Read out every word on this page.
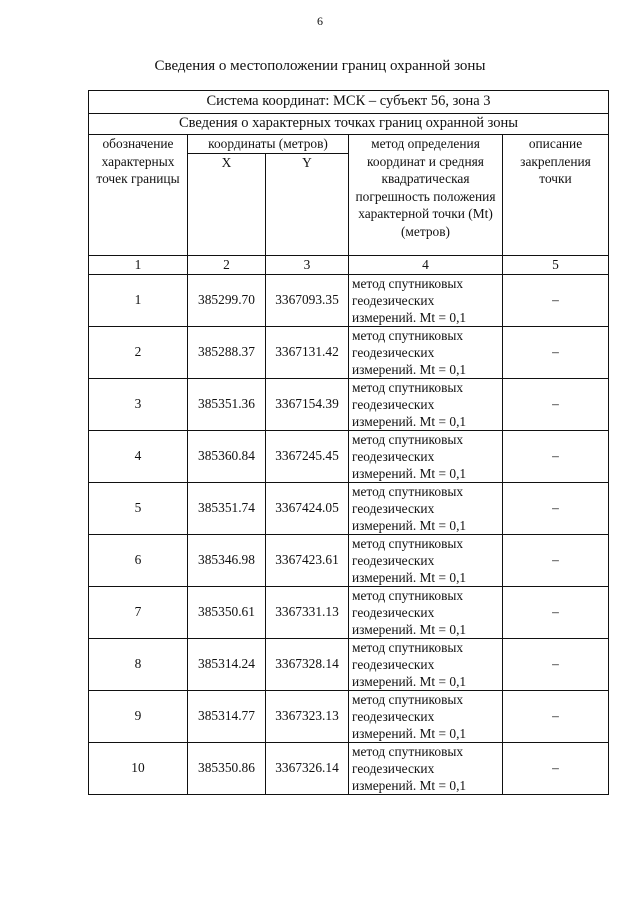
6
Сведения о местоположении границ охранной зоны
Система координат: МСК – субъект 56, зона 3				
Сведения о характерных точках границ охранной зоны				
обозначение характерных точек границы	координаты (метров)		метод определения координат и средняя квадратическая погрешность положения характерной точки (Mt) (метров)	описание закрепления точки
	X	Y		
1	2	3	4	5
1	385299.70	3367093.35	метод спутниковых
геодезических
измерений. Mt = 0,1	–
2	385288.37	3367131.42	метод спутниковых
геодезических
измерений. Mt = 0,1	–
3	385351.36	3367154.39	метод спутниковых
геодезических
измерений. Mt = 0,1	–
4	385360.84	3367245.45	метод спутниковых
геодезических
измерений. Mt = 0,1	–
5	385351.74	3367424.05	метод спутниковых
геодезических
измерений. Mt = 0,1	–
6	385346.98	3367423.61	метод спутниковых
геодезических
измерений. Mt = 0,1	–
7	385350.61	3367331.13	метод спутниковых
геодезических
измерений. Mt = 0,1	–
8	385314.24	3367328.14	метод спутниковых
геодезических
измерений. Mt = 0,1	–
9	385314.77	3367323.13	метод спутниковых
геодезических
измерений. Mt = 0,1	–
10	385350.86	3367326.14	метод спутниковых
геодезических
измерений. Mt = 0,1	–
